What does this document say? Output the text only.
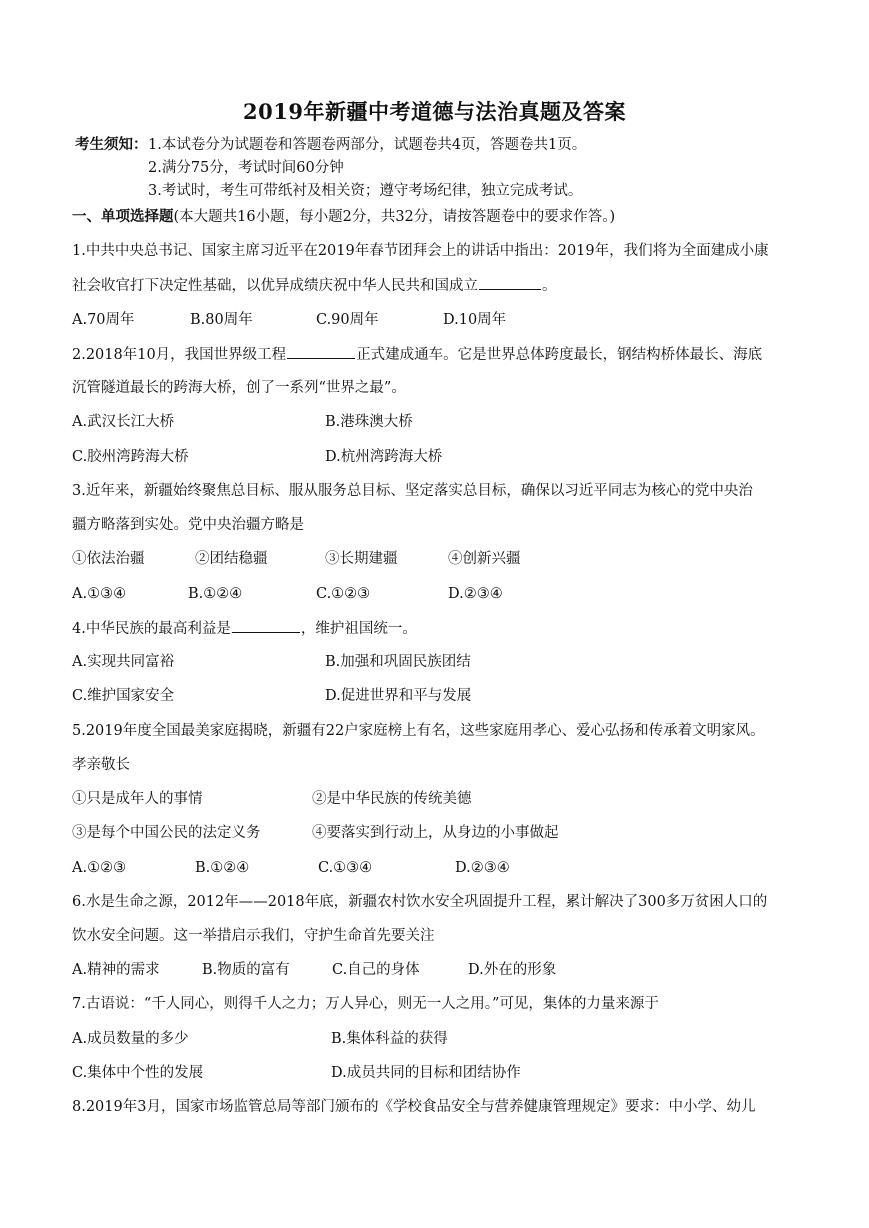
2019年新疆中考道德与法治真题及答案
考生须知： 1.本试卷分为试题卷和答题卷两部分，试题卷共4页，答题卷共1页。
2.满分75分，考试时间60分钟
3.考试时，考生可带纸衬及相关资；遵守考场纪律，独立完成考试。
一、单项选择题(本大题共16小题，每小题2分，共32分，请按答题卷中的要求作答。)
1.中共中央总书记、国家主席习近平在2019年春节团拜会上的讲话中指出：2019年，我们将为全面建成小康
社会收官打下决定性基础，以优异成绩庆祝中华人民共和国成立	。
A.70周年	B.80周年	C.90周年	D.10周年
2.2018年10月，我国世界级工程	正式建成通车。它是世界总体跨度最长，钢结构桥体最长、海底
沉管隧道最长的跨海大桥，创了一系列“世界之最”。
A.武汉长江大桥	B.港珠澳大桥
C.胶州湾跨海大桥	D.杭州湾跨海大桥
3.近年来，新疆始终聚焦总目标、服从服务总目标、坚定落实总目标，确保以习近平同志为核心的党中央治
疆方略落到实处。党中央治疆方略是
①依法治疆	②团结稳疆	③长期建疆	④创新兴疆
A.①③④	B.①②④	C.①②③	D.②③④
4.中华民族的最高利益是	，维护祖国统一。
A.实现共同富裕	B.加强和巩固民族团结
C.维护国家安全	D.促进世界和平与发展
5.2019年度全国最美家庭揭晓，新疆有22户家庭榜上有名，这些家庭用孝心、爱心弘扬和传承着文明家风。
孝亲敬长
①只是成年人的事情	②是中华民族的传统美德
③是每个中国公民的法定义务	④要落实到行动上，从身边的小事做起
A.①②③	B.①②④	C.①③④	D.②③④
6.水是生命之源，2012年——2018年底，新疆农村饮水安全巩固提升工程，累计解决了300多万贫困人口的
饮水安全问题。这一举措启示我们，守护生命首先要关注
A.精神的需求	B.物质的富有	C.自己的身体	D.外在的形象
7.古语说：“千人同心，则得千人之力；万人异心，则无一人之用。”可见，集体的力量来源于
A.成员数量的多少	B.集体科益的获得
C.集体中个性的发展	D.成员共同的目标和团结协作
8.2019年3月，国家市场监管总局等部门颁布的《学校食品安全与营养健康管理规定》要求：中小学、幼儿
